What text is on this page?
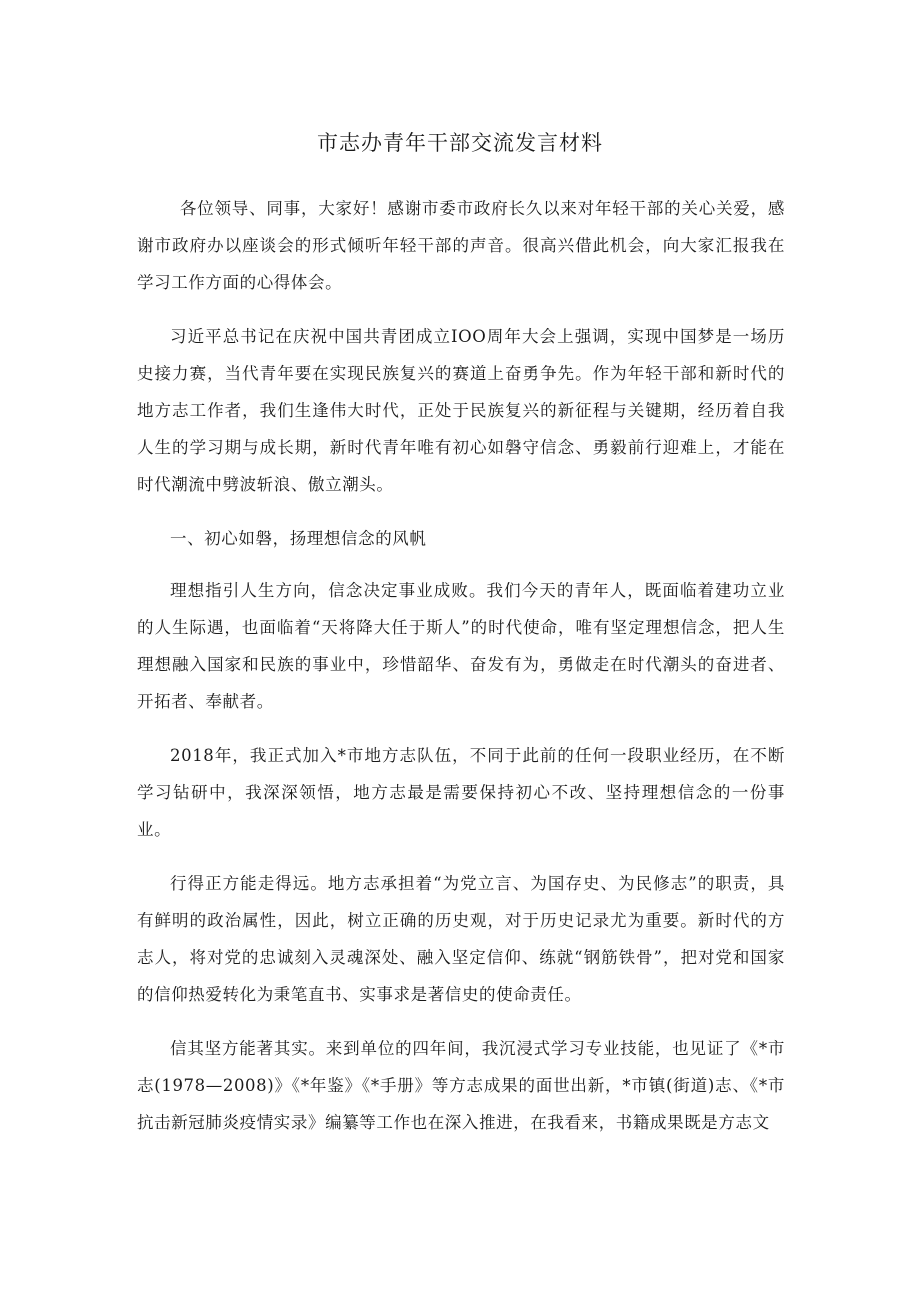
市志办青年干部交流发言材料

各位领导、同事，大家好！感谢市委市政府长久以来对年轻干部的关心关爱，感谢市政府办以座谈会的形式倾听年轻干部的声音。很高兴借此机会，向大家汇报我在学习工作方面的心得体会。

习近平总书记在庆祝中国共青团成立IOO周年大会上强调，实现中国梦是一场历史接力赛，当代青年要在实现民族复兴的赛道上奋勇争先。作为年轻干部和新时代的地方志工作者，我们生逢伟大时代，正处于民族复兴的新征程与关键期，经历着自我人生的学习期与成长期，新时代青年唯有初心如磐守信念、勇毅前行迎难上，才能在时代潮流中劈波斩浪、傲立潮头。

一、初心如磐，扬理想信念的风帆

理想指引人生方向，信念决定事业成败。我们今天的青年人，既面临着建功立业的人生际遇，也面临着“天将降大任于斯人”的时代使命，唯有坚定理想信念，把人生理想融入国家和民族的事业中，珍惜韶华、奋发有为，勇做走在时代潮头的奋进者、开拓者、奉献者。

2018年，我正式加入*市地方志队伍，不同于此前的任何一段职业经历，在不断学习钻研中，我深深领悟，地方志最是需要保持初心不改、坚持理想信念的一份事业。

行得正方能走得远。地方志承担着“为党立言、为国存史、为民修志”的职责，具有鲜明的政治属性，因此，树立正确的历史观，对于历史记录尤为重要。新时代的方志人，将对党的忠诚刻入灵魂深处、融入坚定信仰、练就“钢筋铁骨”，把对党和国家的信仰热爱转化为秉笔直书、实事求是著信史的使命责任。

信其坚方能著其实。来到单位的四年间，我沉浸式学习专业技能，也见证了《*市志(1978—2008)》《*年鉴》《*手册》等方志成果的面世出新，*市镇(街道)志、《*市抗击新冠肺炎疫情实录》编纂等工作也在深入推进，在我看来，书籍成果既是方志文
